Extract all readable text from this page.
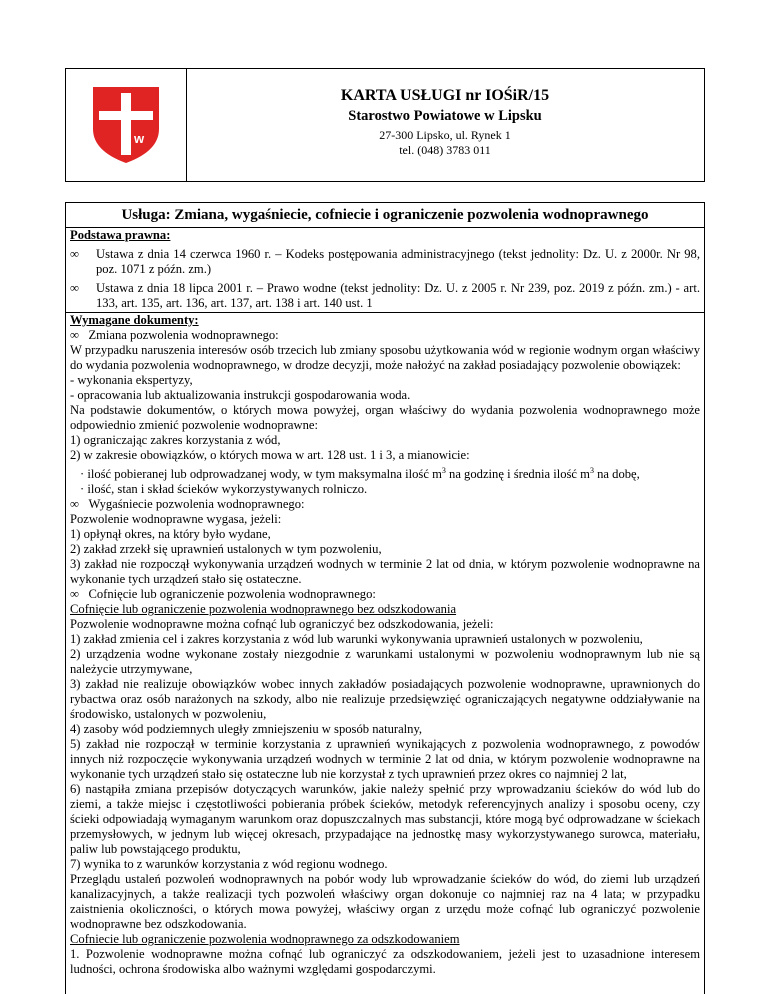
w
KARTA USŁUGI nr IOŚiR/15
Starostwo Powiatowe w Lipsku
27-300 Lipsko, ul. Rynek 1
tel. (048) 3783 011
Usługa: Zmiana, wygaśniecie, cofniecie i ograniczenie pozwolenia wodnoprawnego
Podstawa prawna:
∞ Ustawa z dnia 14 czerwca 1960 r. – Kodeks postępowania administracyjnego (tekst jednolity: Dz. U. z 2000r. Nr 98, poz. 1071 z późn. zm.)
∞ Ustawa z dnia 18 lipca 2001 r. – Prawo wodne (tekst jednolity: Dz. U. z 2005 r. Nr 239, poz. 2019 z późn. zm.) - art. 133, art. 135, art. 136, art. 137, art. 138 i art. 140 ust. 1
Wymagane dokumenty:
∞ Zmiana pozwolenia wodnoprawnego:
W przypadku naruszenia interesów osób trzecich lub zmiany sposobu użytkowania wód w regionie wodnym organ właściwy do wydania pozwolenia wodnoprawnego, w drodze decyzji, może nałożyć na zakład posiadający pozwolenie obowiązek:
- wykonania ekspertyzy,
- opracowania lub aktualizowania instrukcji gospodarowania woda.
Na podstawie dokumentów, o których mowa powyżej, organ właściwy do wydania pozwolenia wodnoprawnego może odpowiednio zmienić pozwolenie wodnoprawne:
1) ograniczając zakres korzystania z wód,
2) w zakresie obowiązków, o których mowa w art. 128 ust. 1 i 3, a mianowicie:
· ilość pobieranej lub odprowadzanej wody, w tym maksymalna ilość $m^3$ na godzinę i średnia ilość $m^3$ na dobę,
· ilość, stan i skład ścieków wykorzystywanych rolniczo.
∞ Wygaśniecie pozwolenia wodnoprawnego:
Pozwolenie wodnoprawne wygasa, jeżeli:
1) opłynął okres, na który było wydane,
2) zakład zrzekł się uprawnień ustalonych w tym pozwoleniu,
3) zakład nie rozpoczął wykonywania urządzeń wodnych w terminie 2 lat od dnia, w którym pozwolenie wodnoprawne na wykonanie tych urządzeń stało się ostateczne.
∞ Cofnięcie lub ograniczenie pozwolenia wodnoprawnego:
Cofnięcie lub ograniczenie pozwolenia wodnoprawnego bez odszkodowania
Pozwolenie wodnoprawne można cofnąć lub ograniczyć bez odszkodowania, jeżeli:
1) zakład zmienia cel i zakres korzystania z wód lub warunki wykonywania uprawnień ustalonych w pozwoleniu,
2) urządzenia wodne wykonane zostały niezgodnie z warunkami ustalonymi w pozwoleniu wodnoprawnym lub nie są należycie utrzymywane,
3) zakład nie realizuje obowiązków wobec innych zakładów posiadających pozwolenie wodnoprawne, uprawnionych do rybactwa oraz osób narażonych na szkody, albo nie realizuje przedsięwzięć ograniczających negatywne oddziaływanie na środowisko, ustalonych w pozwoleniu,
4) zasoby wód podziemnych uległy zmniejszeniu w sposób naturalny,
5) zakład nie rozpoczął w terminie korzystania z uprawnień wynikających z pozwolenia wodnoprawnego, z powodów innych niż rozpoczęcie wykonywania urządzeń wodnych w terminie 2 lat od dnia, w którym pozwolenie wodnoprawne na wykonanie tych urządzeń stało się ostateczne lub nie korzystał z tych uprawnień przez okres co najmniej 2 lat,
6) nastąpiła zmiana przepisów dotyczących warunków, jakie należy spełnić przy wprowadzaniu ścieków do wód lub do ziemi, a także miejsc i częstotliwości pobierania próbek ścieków, metodyk referencyjnych analizy i sposobu oceny, czy ścieki odpowiadają wymaganym warunkom oraz dopuszczalnych mas substancji, które mogą być odprowadzane w ściekach przemysłowych, w jednym lub więcej okresach, przypadające na jednostkę masy wykorzystywanego surowca, materiału, paliw lub powstającego produktu,
7) wynika to z warunków korzystania z wód regionu wodnego.
Przeglądu ustaleń pozwoleń wodnoprawnych na pobór wody lub wprowadzanie ścieków do wód, do ziemi lub urządzeń kanalizacyjnych, a także realizacji tych pozwoleń właściwy organ dokonuje co najmniej raz na 4 lata; w przypadku zaistnienia okoliczności, o których mowa powyżej, właściwy organ z urzędu może cofnąć lub ograniczyć pozwolenie wodnoprawne bez odszkodowania.
Cofniecie lub ograniczenie pozwolenia wodnoprawnego za odszkodowaniem
1. Pozwolenie wodnoprawne można cofnąć lub ograniczyć za odszkodowaniem, jeżeli jest to uzasadnione interesem ludności, ochrona środowiska albo ważnymi względami gospodarczymi.
